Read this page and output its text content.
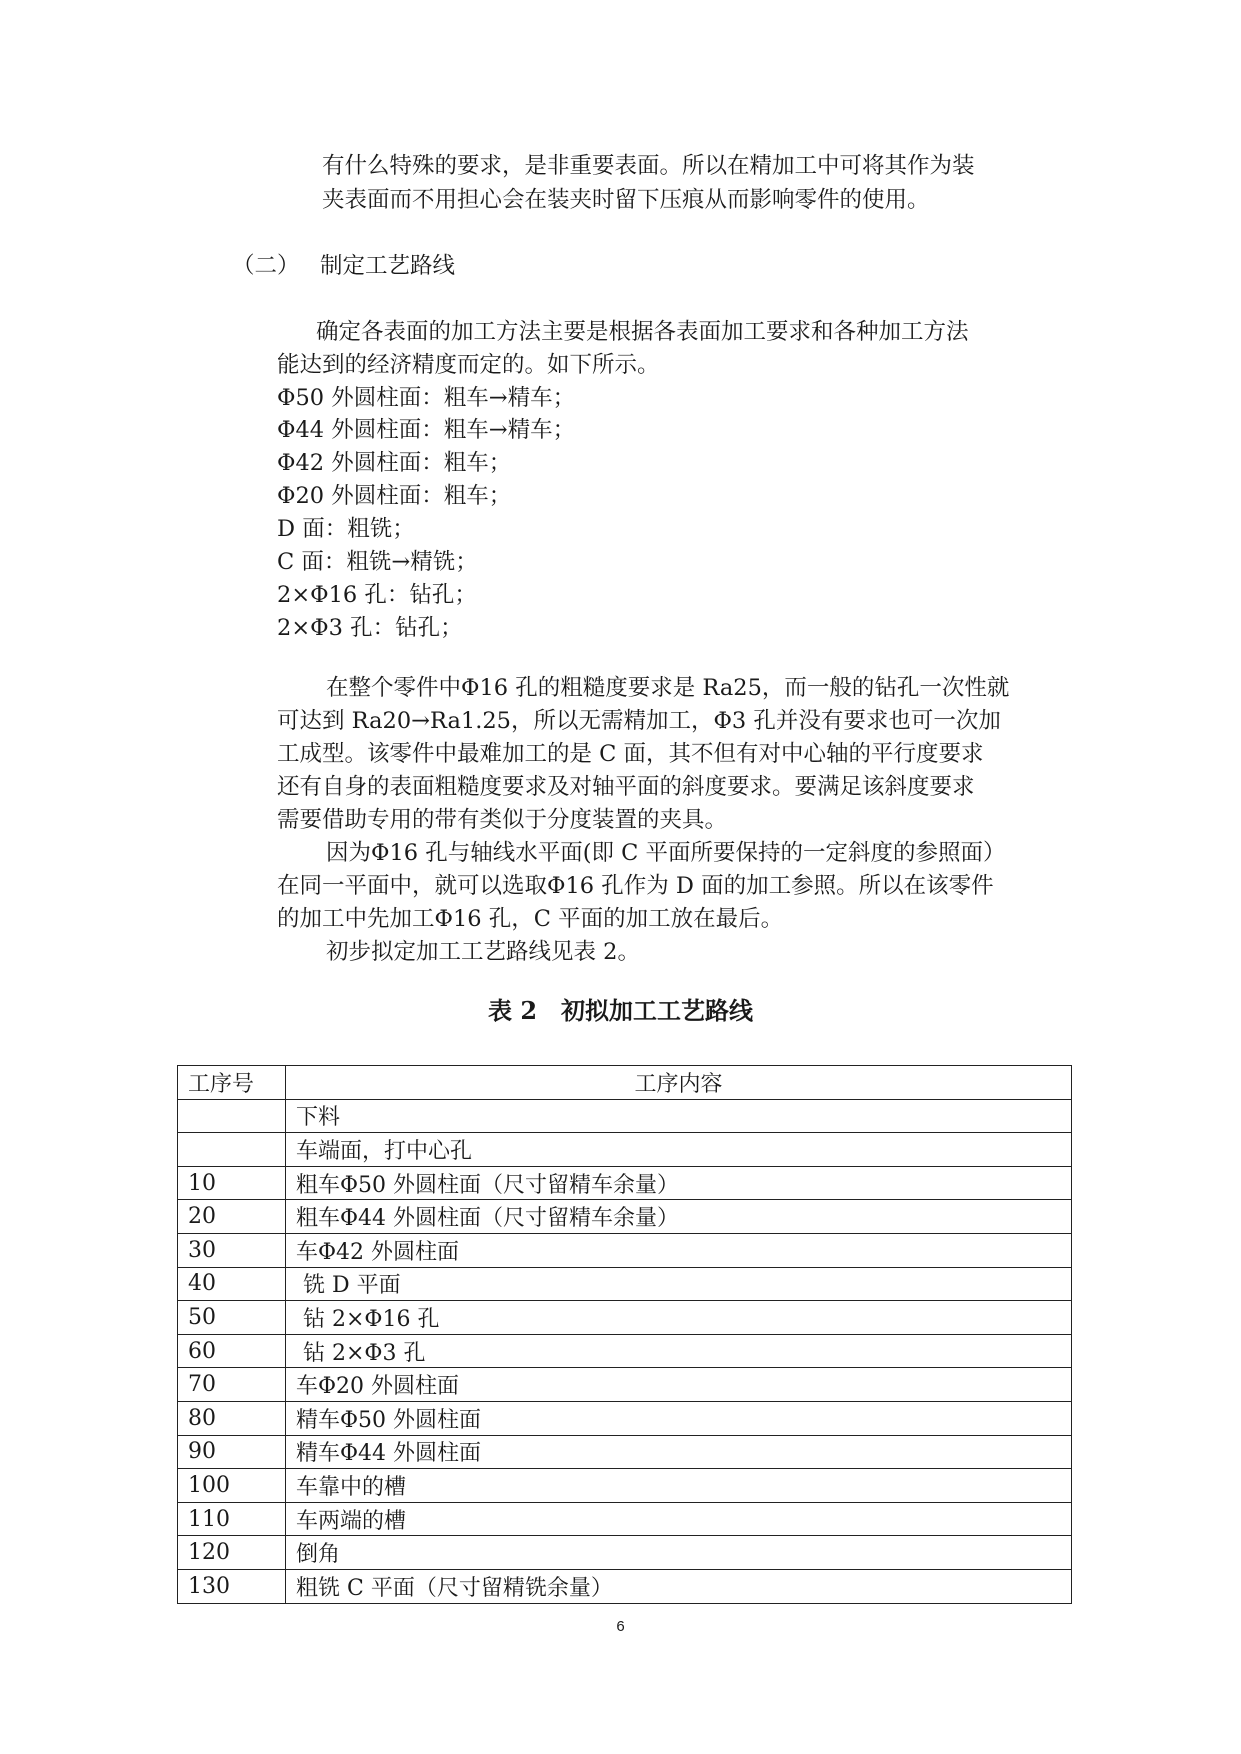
有什么特殊的要求，是非重要表面。所以在精加工中可将其作为装
夹表面而不用担心会在装夹时留下压痕从而影响零件的使用。
（二） 制定工艺路线
确定各表面的加工方法主要是根据各表面加工要求和各种加工方法
能达到的经济精度而定的。如下所示。
Φ50 外圆柱面：粗车→精车；
Φ44 外圆柱面：粗车→精车；
Φ42 外圆柱面：粗车；
Φ20 外圆柱面：粗车；
D 面：粗铣；
C 面：粗铣→精铣；
2×Φ16 孔：钻孔；
2×Φ3 孔：钻孔；
在整个零件中Φ16 孔的粗糙度要求是 Ra25，而一般的钻孔一次性就
可达到 Ra20→Ra1.25，所以无需精加工，Φ3 孔并没有要求也可一次加
工成型。该零件中最难加工的是 C 面，其不但有对中心轴的平行度要求
还有自身的表面粗糙度要求及对轴平面的斜度要求。要满足该斜度要求
需要借助专用的带有类似于分度装置的夹具。
因为Φ16 孔与轴线水平面(即 C 平面所要保持的一定斜度的参照面）
在同一平面中，就可以选取Φ16 孔作为 D 面的加工参照。所以在该零件
的加工中先加工Φ16 孔，C 平面的加工放在最后。
初步拟定加工工艺路线见表 2。
表 2　初拟加工工艺路线
工序号	工序内容
	下料
	车端面，打中心孔
10	粗车Φ50 外圆柱面（尺寸留精车余量）
20	粗车Φ44 外圆柱面（尺寸留精车余量）
30	车Φ42 外圆柱面
40	铣 D 平面
50	钻 2×Φ16 孔
60	钻 2×Φ3 孔
70	车Φ20 外圆柱面
80	精车Φ50 外圆柱面
90	精车Φ44 外圆柱面
100	车靠中的槽
110	车两端的槽
120	倒角
130	粗铣 C 平面（尺寸留精铣余量）
6
